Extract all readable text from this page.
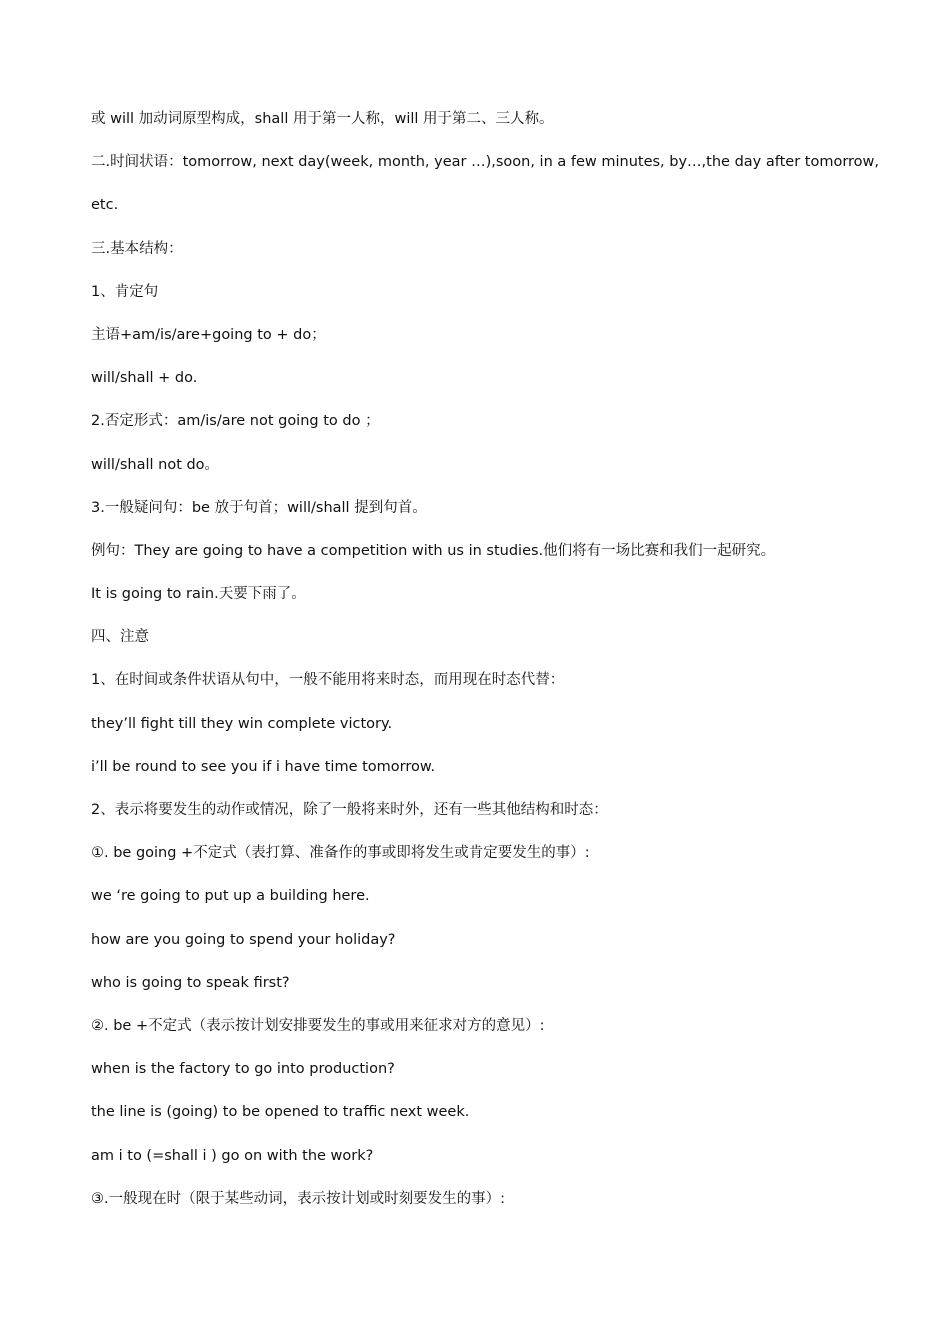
或 will 加动词原型构成，shall 用于第一人称，will 用于第二、三人称。
二.时间状语：tomorrow, next day(week, month, year …),soon, in a few minutes, by…,the day after tomorrow,
etc.
三.基本结构：
1、肯定句
主语+am/is/are+going to + do；
will/shall + do.
2.否定形式：am/is/are not going to do ；
will/shall not do。
3.一般疑问句：be 放于句首；will/shall 提到句首。
例句：They are going to have a competition with us in studies.他们将有一场比赛和我们一起研究。
It is going to rain.天要下雨了。
四、注意
1、在时间或条件状语从句中，一般不能用将来时态，而用现在时态代替：
they’ll fight till they win complete victory.
i’ll be round to see you if i have time tomorrow.
2、表示将要发生的动作或情况，除了一般将来时外，还有一些其他结构和时态：
①. be going +不定式（表打算、准备作的事或即将发生或肯定要发生的事）:
we ‘re going to put up a building here.
how are you going to spend your holiday?
who is going to speak first?
②. be +不定式（表示按计划安排要发生的事或用来征求对方的意见）:
when is the factory to go into production?
the line is (going) to be opened to traffic next week.
am i to (=shall i ) go on with the work?
③.一般现在时（限于某些动词，表示按计划或时刻要发生的事）:
